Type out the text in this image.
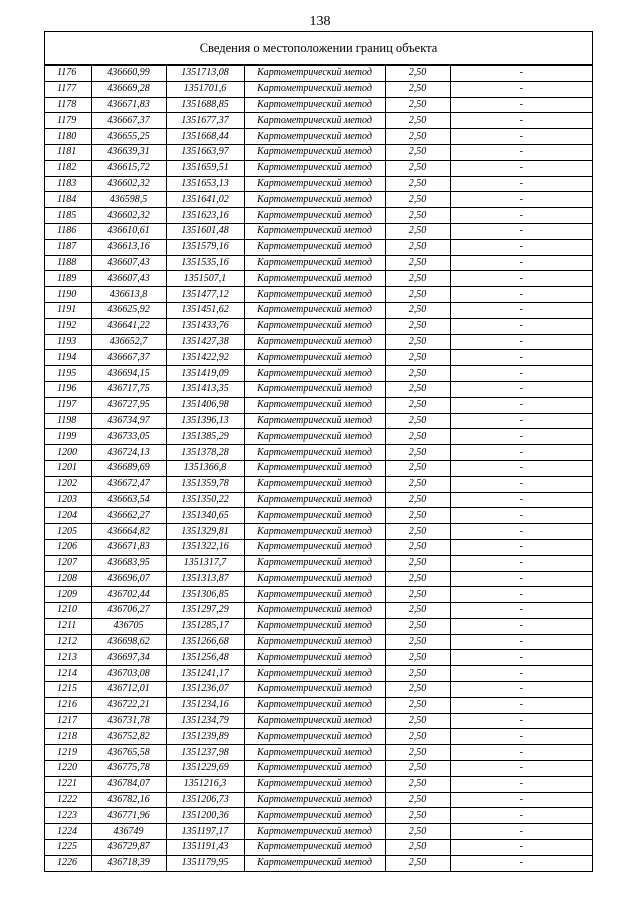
138
Сведения о местоположении границ объекта
1176	436660,99	1351713,08	Картометрический метод	2,50	-
1177	436669,28	1351701,6	Картометрический метод	2,50	-
1178	436671,83	1351688,85	Картометрический метод	2,50	-
1179	436667,37	1351677,37	Картометрический метод	2,50	-
1180	436655,25	1351668,44	Картометрический метод	2,50	-
1181	436639,31	1351663,97	Картометрический метод	2,50	-
1182	436615,72	1351659,51	Картометрический метод	2,50	-
1183	436602,32	1351653,13	Картометрический метод	2,50	-
1184	436598,5	1351641,02	Картометрический метод	2,50	-
1185	436602,32	1351623,16	Картометрический метод	2,50	-
1186	436610,61	1351601,48	Картометрический метод	2,50	-
1187	436613,16	1351579,16	Картометрический метод	2,50	-
1188	436607,43	1351535,16	Картометрический метод	2,50	-
1189	436607,43	1351507,1	Картометрический метод	2,50	-
1190	436613,8	1351477,12	Картометрический метод	2,50	-
1191	436625,92	1351451,62	Картометрический метод	2,50	-
1192	436641,22	1351433,76	Картометрический метод	2,50	-
1193	436652,7	1351427,38	Картометрический метод	2,50	-
1194	436667,37	1351422,92	Картометрический метод	2,50	-
1195	436694,15	1351419,09	Картометрический метод	2,50	-
1196	436717,75	1351413,35	Картометрический метод	2,50	-
1197	436727,95	1351406,98	Картометрический метод	2,50	-
1198	436734,97	1351396,13	Картометрический метод	2,50	-
1199	436733,05	1351385,29	Картометрический метод	2,50	-
1200	436724,13	1351378,28	Картометрический метод	2,50	-
1201	436689,69	1351366,8	Картометрический метод	2,50	-
1202	436672,47	1351359,78	Картометрический метод	2,50	-
1203	436663,54	1351350,22	Картометрический метод	2,50	-
1204	436662,27	1351340,65	Картометрический метод	2,50	-
1205	436664,82	1351329,81	Картометрический метод	2,50	-
1206	436671,83	1351322,16	Картометрический метод	2,50	-
1207	436683,95	1351317,7	Картометрический метод	2,50	-
1208	436696,07	1351313,87	Картометрический метод	2,50	-
1209	436702,44	1351306,85	Картометрический метод	2,50	-
1210	436706,27	1351297,29	Картометрический метод	2,50	-
1211	436705	1351285,17	Картометрический метод	2,50	-
1212	436698,62	1351266,68	Картометрический метод	2,50	-
1213	436697,34	1351256,48	Картометрический метод	2,50	-
1214	436703,08	1351241,17	Картометрический метод	2,50	-
1215	436712,01	1351236,07	Картометрический метод	2,50	-
1216	436722,21	1351234,16	Картометрический метод	2,50	-
1217	436731,78	1351234,79	Картометрический метод	2,50	-
1218	436752,82	1351239,89	Картометрический метод	2,50	-
1219	436765,58	1351237,98	Картометрический метод	2,50	-
1220	436775,78	1351229,69	Картометрический метод	2,50	-
1221	436784,07	1351216,3	Картометрический метод	2,50	-
1222	436782,16	1351206,73	Картометрический метод	2,50	-
1223	436771,96	1351200,36	Картометрический метод	2,50	-
1224	436749	1351197,17	Картометрический метод	2,50	-
1225	436729,87	1351191,43	Картометрический метод	2,50	-
1226	436718,39	1351179,95	Картометрический метод	2,50	-
